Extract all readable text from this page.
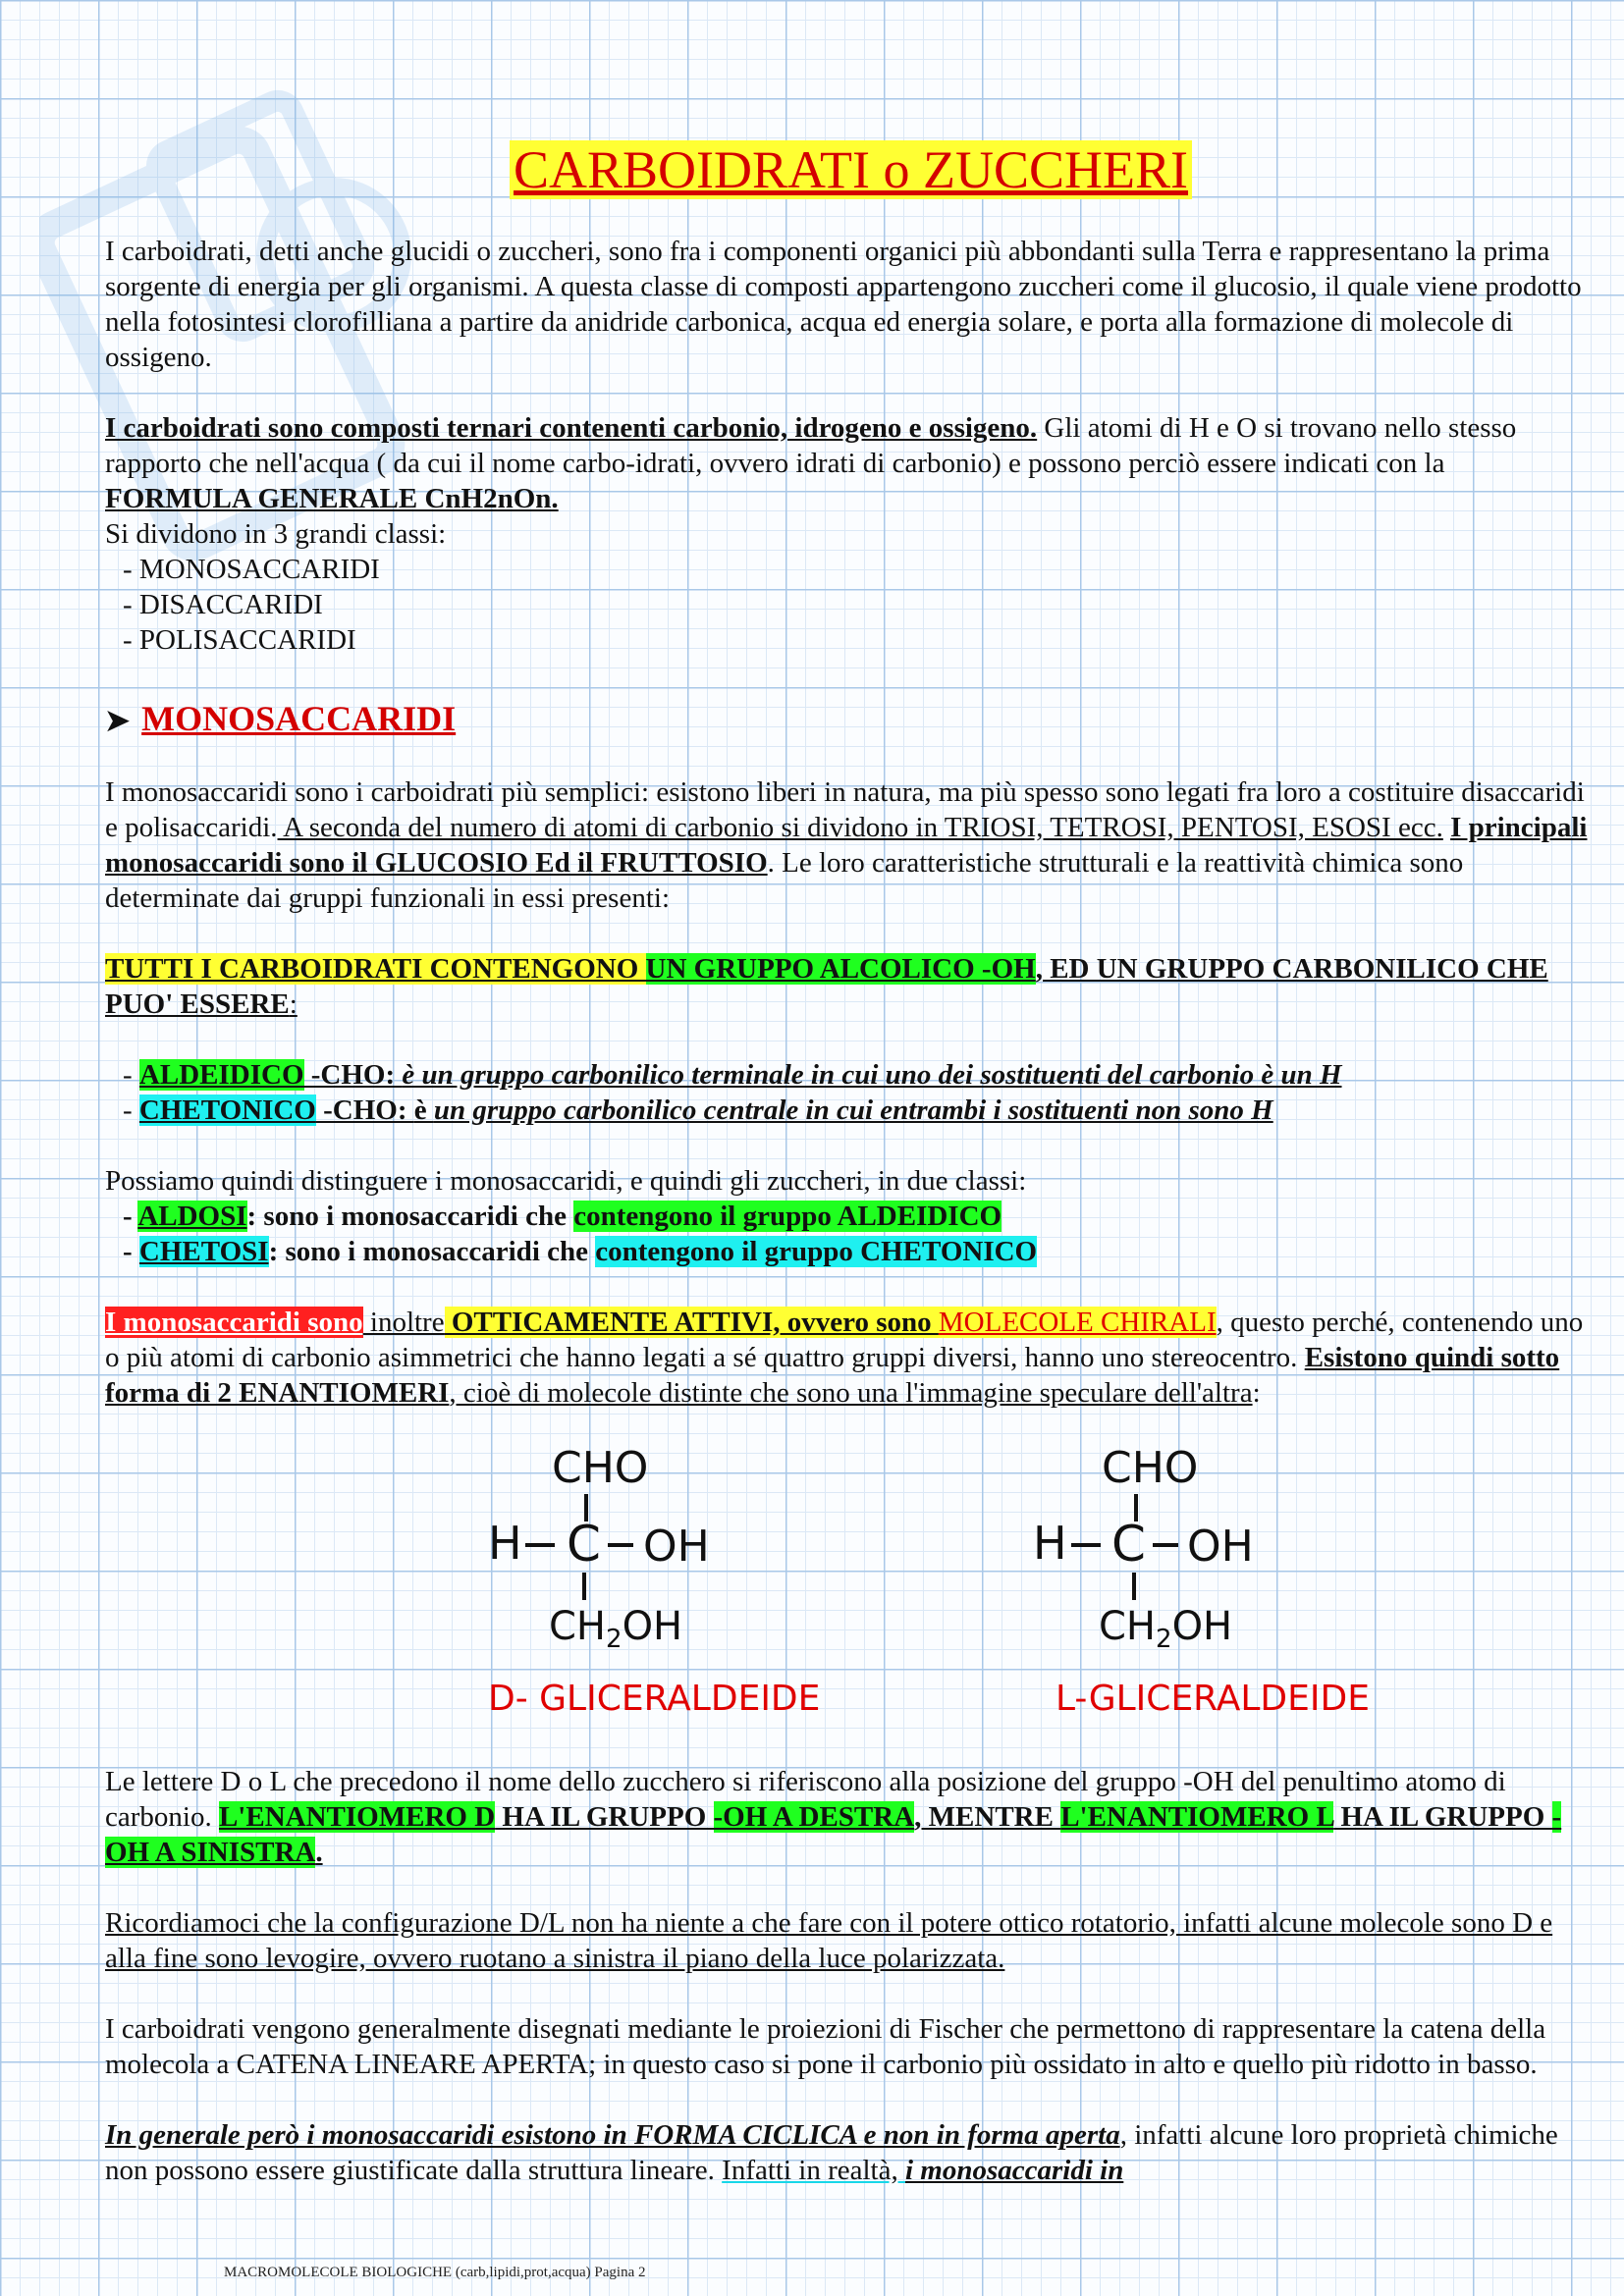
CARBOIDRATI o ZUCCHERI

I carboidrati, detti anche glucidi o zuccheri, sono fra i componenti organici più abbondanti sulla Terra e rappresentano la prima sorgente di energia per gli organismi. A questa classe di composti appartengono zuccheri come il glucosio, il quale viene prodotto nella fotosintesi clorofilliana a partire da anidride carbonica, acqua ed energia solare, e porta alla formazione di molecole di ossigeno.

I carboidrati sono composti ternari contenenti carbonio, idrogeno e ossigeno. Gli atomi di H e O si trovano nello stesso rapporto che nell'acqua ( da cui il nome carbo-idrati, ovvero idrati di carbonio) e possono perciò essere indicati con la FORMULA GENERALE CnH2nOn.

Si dividono in 3 grandi classi:

- MONOSACCARIDI

- DISACCARIDI

- POLISACCARIDI

➤ MONOSACCARIDI

I monosaccaridi sono i carboidrati più semplici: esistono liberi in natura, ma più spesso sono legati fra loro a costituire disaccaridi e polisaccaridi. A seconda del numero di atomi di carbonio si dividono in TRIOSI, TETROSI, PENTOSI, ESOSI ecc. I principali monosaccaridi sono il GLUCOSIO Ed il FRUTTOSIO. Le loro caratteristiche strutturali e la reattività chimica sono determinate dai gruppi funzionali in essi presenti:

TUTTI I CARBOIDRATI CONTENGONO UN GRUPPO ALCOLICO -OH, ED UN GRUPPO CARBONILICO CHE PUO' ESSERE:

- ALDEIDICO -CHO: è un gruppo carbonilico terminale in cui uno dei sostituenti del carbonio è un H

- CHETONICO -CHO: è un gruppo carbonilico centrale in cui entrambi i sostituenti non sono H

Possiamo quindi distinguere i monosaccaridi, e quindi gli zuccheri, in due classi:

- ALDOSI: sono i monosaccaridi che contengono il gruppo ALDEIDICO

- CHETOSI: sono i monosaccaridi che contengono il gruppo CHETONICO

I monosaccaridi sono inoltre OTTICAMENTE ATTIVI, ovvero sono MOLECOLE CHIRALI, questo perché, contenendo uno o più atomi di carbonio asimmetrici che hanno legati a sé quattro gruppi diversi, hanno uno stereocentro. Esistono quindi sotto forma di 2 ENANTIOMERI, cioè di molecole distinte che sono una l'immagine speculare dell'altra:

CHO
H C OH
$CH_2OH$
D- GLICERALDEIDE
CHO
H C OH
$CH_2OH$
L-GLICERALDEIDE

Le lettere D o L che precedono il nome dello zucchero si riferiscono alla posizione del gruppo -OH del penultimo atomo di carbonio. L'ENANTIOMERO D HA IL GRUPPO -OH A DESTRA, MENTRE L'ENANTIOMERO L HA IL GRUPPO -OH A SINISTRA.

Ricordiamoci che la configurazione D/L non ha niente a che fare con il potere ottico rotatorio, infatti alcune molecole sono D e alla fine sono levogire, ovvero ruotano a sinistra il piano della luce polarizzata.

I carboidrati vengono generalmente disegnati mediante le proiezioni di Fischer che permettono di rappresentare la catena della molecola a CATENA LINEARE APERTA; in questo caso si pone il carbonio più ossidato in alto e quello più ridotto in basso.

In generale però i monosaccaridi esistono in FORMA CICLICA e non in forma aperta, infatti alcune loro proprietà chimiche non possono essere giustificate dalla struttura lineare. Infatti in realtà, i monosaccaridi in

MACROMOLECOLE BIOLOGICHE (carb,lipidi,prot,acqua) Pagina 2
